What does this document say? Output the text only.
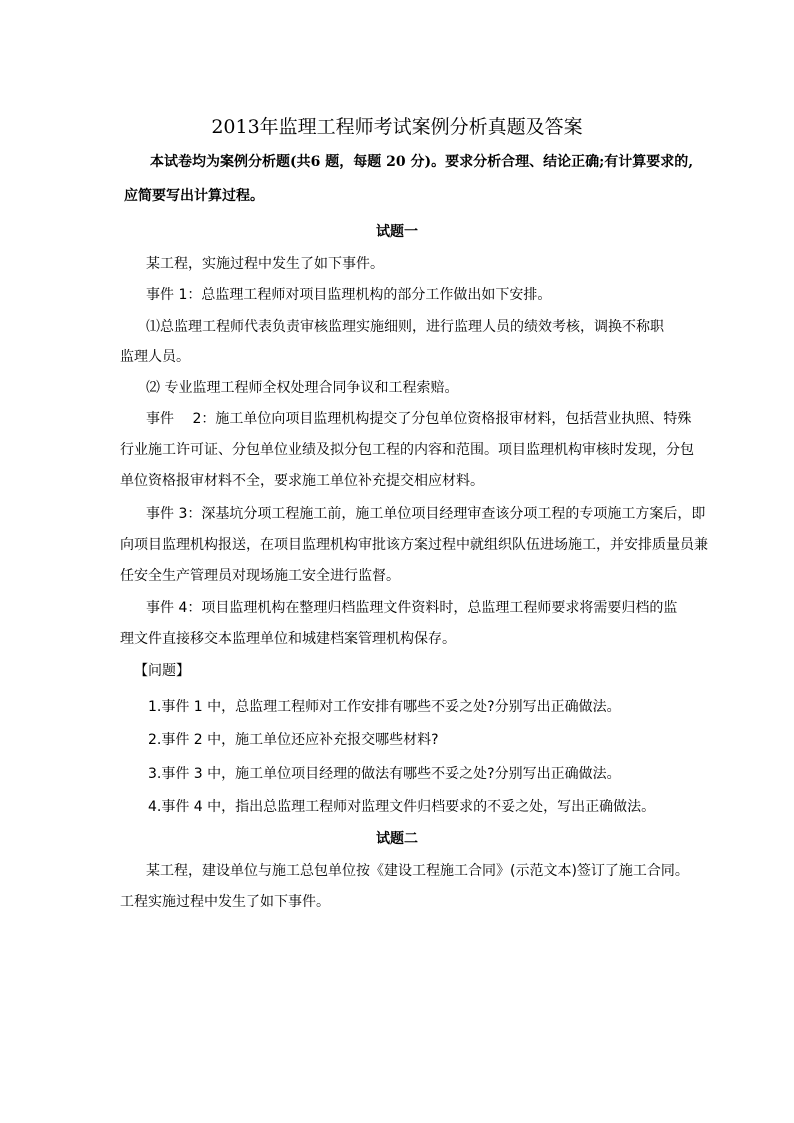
2013年监理工程师考试案例分析真题及答案

本试卷均为案例分析题(共6 题，每题 20 分)。要求分析合理、结论正确;有计算要求的,

应简要写出计算过程。

试题一

某工程，实施过程中发生了如下事件。

事件 1：总监理工程师对项目监理机构的部分工作做出如下安排。

⑴总监理工程师代表负责审核监理实施细则，进行监理人员的绩效考核，调换不称职

监理人员。

⑵ 专业监理工程师全权处理合同争议和工程索赔。

事件　 2：施工单位向项目监理机构提交了分包单位资格报审材料，包括营业执照、特殊

行业施工许可证、分包单位业绩及拟分包工程的内容和范围。项目监理机构审核时发现，分包

单位资格报审材料不全，要求施工单位补充提交相应材料。

事件 3：深基坑分项工程施工前，施工单位项目经理审查该分项工程的专项施工方案后，即

向项目监理机构报送，在项目监理机构审批该方案过程中就组织队伍进场施工，并安排质量员兼

任安全生产管理员对现场施工安全进行监督。

事件 4：项目监理机构在整理归档监理文件资料时，总监理工程师要求将需要归档的监

理文件直接移交本监理单位和城建档案管理机构保存。

【问题】

1.事件 1 中，总监理工程师对工作安排有哪些不妥之处?分别写出正确做法。

2.事件 2 中，施工单位还应补充报交哪些材料?

3.事件 3 中，施工单位项目经理的做法有哪些不妥之处?分别写出正确做法。

4.事件 4 中，指出总监理工程师对监理文件归档要求的不妥之处，写出正确做法。

试题二

某工程，建设单位与施工总包单位按《建设工程施工合同》(示范文本)签订了施工合同。

工程实施过程中发生了如下事件。
